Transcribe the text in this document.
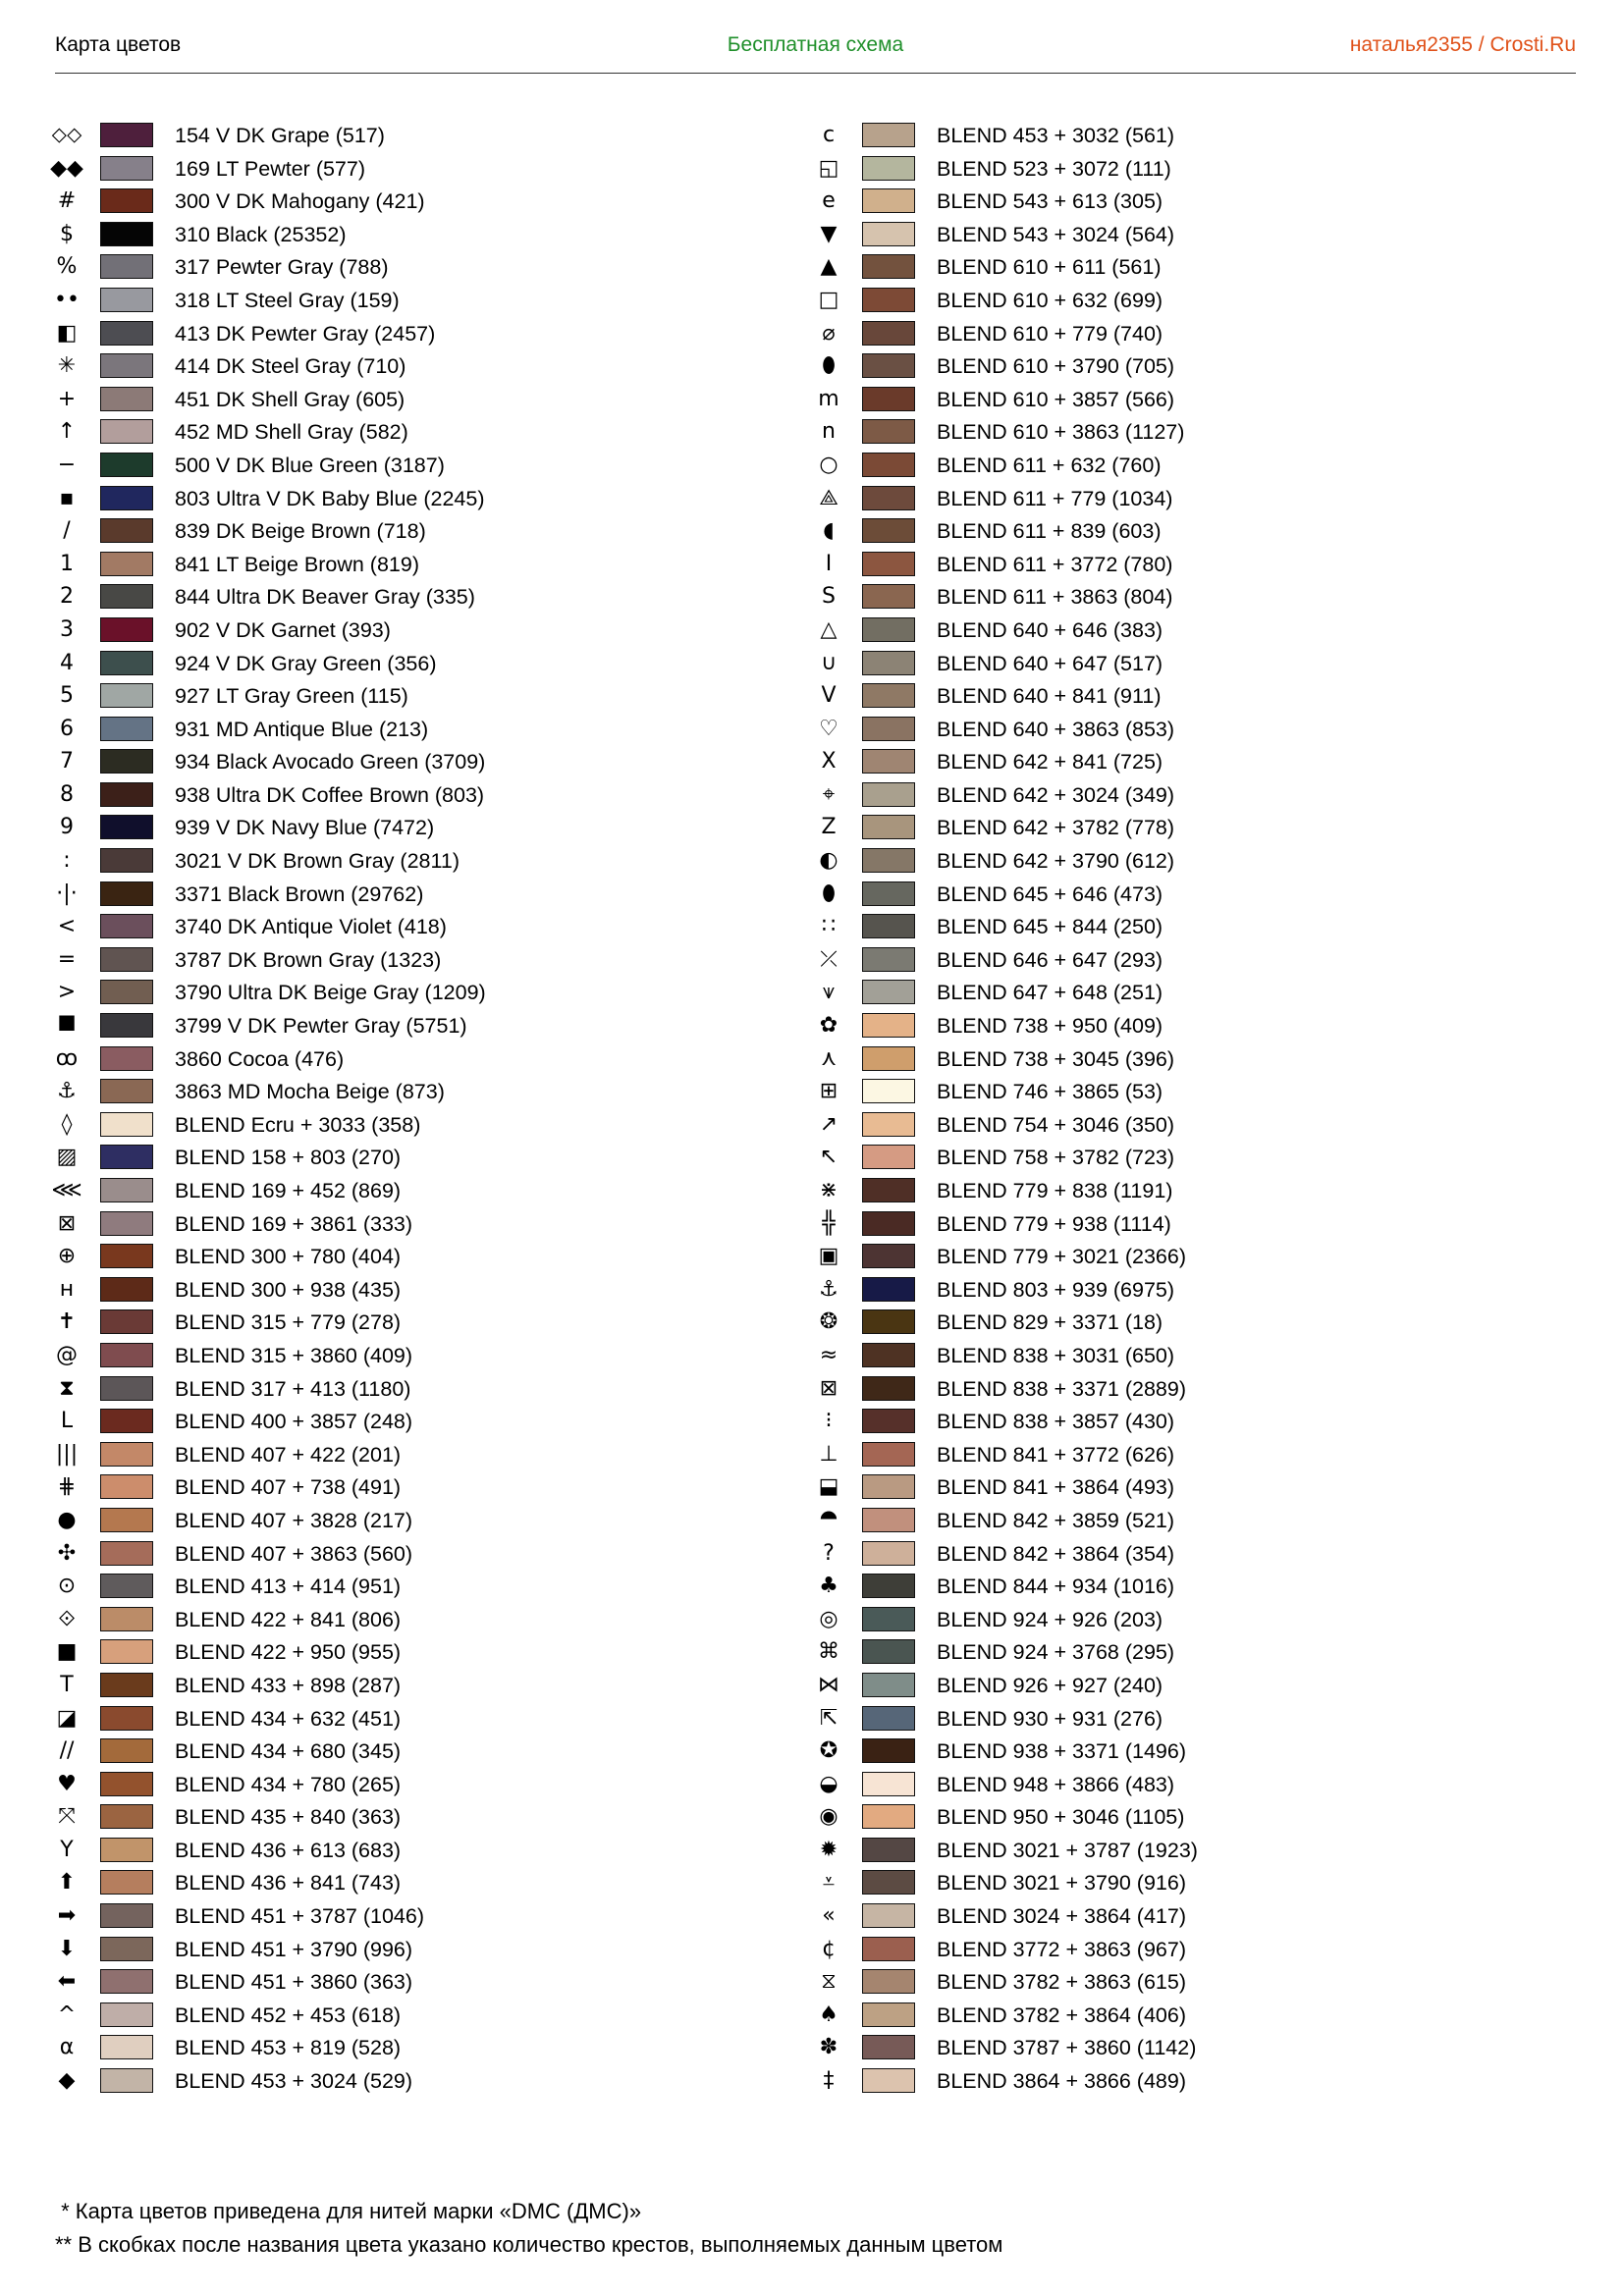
Карта цветов	Бесплатная схема	наталья2355 / Crosti.Ru
⬦⬦	154 V DK Grape (517)
◆◆	169 LT Pewter (577)
#	300 V DK Mahogany (421)
$	310 Black (25352)
%	317 Pewter Gray (788)
••	318 LT Steel Gray (159)
◧	413 DK Pewter Gray (2457)
✳	414 DK Steel Gray (710)
+	451 DK Shell Gray (605)
↑	452 MD Shell Gray (582)
−	500 V DK Blue Green (3187)
▪	803 Ultra V DK Baby Blue (2245)
/	839 DK Beige Brown (718)
1	841 LT Beige Brown (819)
2	844 Ultra DK Beaver Gray (335)
3	902 V DK Garnet (393)
4	924 V DK Gray Green (356)
5	927 LT Gray Green (115)
6	931 MD Antique Blue (213)
7	934 Black Avocado Green (3709)
8	938 Ultra DK Coffee Brown (803)
9	939 V DK Navy Blue (7472)
:	3021 V DK Brown Gray (2811)
·|·	3371 Black Brown (29762)
<	3740 DK Antique Violet (418)
=	3787 DK Brown Gray (1323)
>	3790 Ultra DK Beige Gray (1209)
⯀	3799 V DK Pewter Gray (5751)
ꝏ	3860 Cocoa (476)
⚓	3863 MD Mocha Beige (873)
◊	BLEND Ecru + 3033 (358)
▨	BLEND 158 + 803 (270)
⋘	BLEND 169 + 452 (869)
⊠	BLEND 169 + 3861 (333)
⊕	BLEND 300 + 780 (404)
н	BLEND 300 + 938 (435)
✝	BLEND 315 + 779 (278)
@	BLEND 315 + 3860 (409)
⧗	BLEND 317 + 413 (1180)
L	BLEND 400 + 3857 (248)
|||	BLEND 407 + 422 (201)
⋕	BLEND 407 + 738 (491)
●	BLEND 407 + 3828 (217)
✣	BLEND 407 + 3863 (560)
⊙	BLEND 413 + 414 (951)
⟐	BLEND 422 + 841 (806)
■	BLEND 422 + 950 (955)
T	BLEND 433 + 898 (287)
◪	BLEND 434 + 632 (451)
//	BLEND 434 + 680 (345)
♥	BLEND 434 + 780 (265)
⤧	BLEND 435 + 840 (363)
Y	BLEND 436 + 613 (683)
⬆	BLEND 436 + 841 (743)
➡	BLEND 451 + 3787 (1046)
⬇	BLEND 451 + 3790 (996)
⬅	BLEND 451 + 3860 (363)
^	BLEND 452 + 453 (618)
α	BLEND 453 + 819 (528)
◆	BLEND 453 + 3024 (529)
c	BLEND 453 + 3032 (561)
◱	BLEND 523 + 3072 (111)
e	BLEND 543 + 613 (305)
▼	BLEND 543 + 3024 (564)
▲	BLEND 610 + 611 (561)
□	BLEND 610 + 632 (699)
⌀	BLEND 610 + 779 (740)
⬮	BLEND 610 + 3790 (705)
m	BLEND 610 + 3857 (566)
n	BLEND 610 + 3863 (1127)
○	BLEND 611 + 632 (760)
⟁	BLEND 611 + 779 (1034)
◖	BLEND 611 + 839 (603)
I	BLEND 611 + 3772 (780)
S	BLEND 611 + 3863 (804)
△	BLEND 640 + 646 (383)
∪	BLEND 640 + 647 (517)
V	BLEND 640 + 841 (911)
♡	BLEND 640 + 3863 (853)
X	BLEND 642 + 841 (725)
⌖	BLEND 642 + 3024 (349)
Z	BLEND 642 + 3782 (778)
◐	BLEND 642 + 3790 (612)
⬮	BLEND 645 + 646 (473)
∷	BLEND 645 + 844 (250)
⤫	BLEND 646 + 647 (293)
⩛	BLEND 647 + 648 (251)
✿	BLEND 738 + 950 (409)
⋏	BLEND 738 + 3045 (396)
⊞	BLEND 746 + 3865 (53)
↗	BLEND 754 + 3046 (350)
↖	BLEND 758 + 3782 (723)
⋇	BLEND 779 + 838 (1191)
╬	BLEND 779 + 938 (1114)
▣	BLEND 779 + 3021 (2366)
⚓	BLEND 803 + 939 (6975)
❂	BLEND 829 + 3371 (18)
≈	BLEND 838 + 3031 (650)
⊠	BLEND 838 + 3371 (2889)
⁝	BLEND 838 + 3857 (430)
⊥	BLEND 841 + 3772 (626)
⬓	BLEND 841 + 3864 (493)
⯊	BLEND 842 + 3859 (521)
?	BLEND 842 + 3864 (354)
♣	BLEND 844 + 934 (1016)
◎	BLEND 924 + 926 (203)
⌘	BLEND 924 + 3768 (295)
⋈	BLEND 926 + 927 (240)
⇱	BLEND 930 + 931 (276)
✪	BLEND 938 + 3371 (1496)
◒	BLEND 948 + 3866 (483)
◉	BLEND 950 + 3046 (1105)
✹	BLEND 3021 + 3787 (1923)
⩡	BLEND 3021 + 3790 (916)
«	BLEND 3024 + 3864 (417)
¢	BLEND 3772 + 3863 (967)
⧖	BLEND 3782 + 3863 (615)
♠	BLEND 3782 + 3864 (406)
✽	BLEND 3787 + 3860 (1142)
‡	BLEND 3864 + 3866 (489)
* Карта цветов приведена для нитей марки «DMC (ДМС)»
** В скобках после названия цвета указано количество крестов, выполняемых данным цветом
